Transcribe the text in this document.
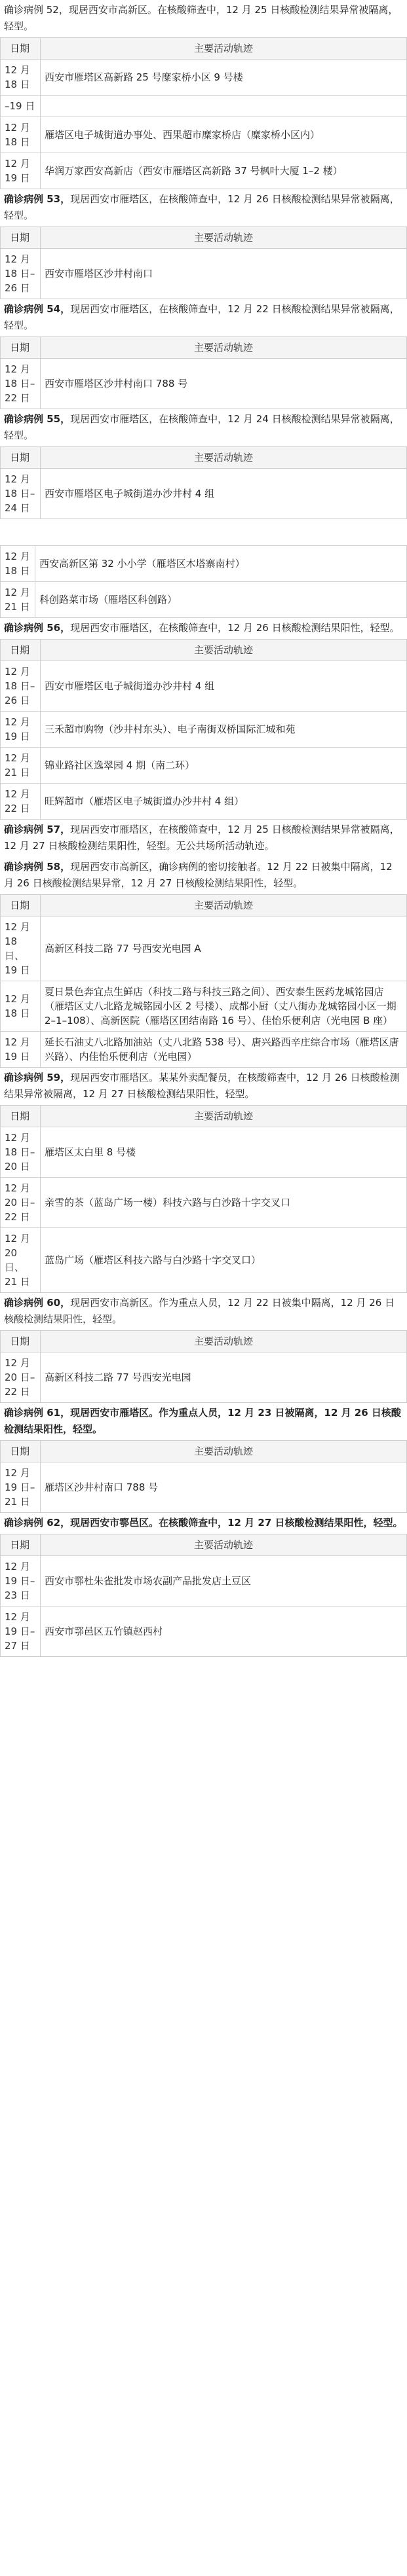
确诊病例 52，现居西安市高新区。在核酸筛查中，12 月 25 日核酸检测结果异常被隔离，轻型。

日期	主要活动轨迹
12 月 18 日	西安市雁塔区高新路 25 号糜家桥小区 9 号楼
–19 日	
12 月 18 日	雁塔区电子城街道办事处、西果超市糜家桥店（糜家桥小区内）
12 月 19 日	华润万家西安高新店（西安市雁塔区高新路 37 号枫叶大厦 1–2 楼）

确诊病例 53，现居西安市雁塔区，在核酸筛查中，12 月 26 日核酸检测结果异常被隔离，轻型。

日期	主要活动轨迹
12 月 18 日–26 日	西安市雁塔区沙井村南口

确诊病例 54，现居西安市雁塔区，在核酸筛查中，12 月 22 日核酸检测结果异常被隔离，轻型。

日期	主要活动轨迹
12 月 18 日–22 日	西安市雁塔区沙井村南口 788 号

确诊病例 55，现居西安市雁塔区，在核酸筛查中，12 月 24 日核酸检测结果异常被隔离，轻型。

日期	主要活动轨迹
12 月 18 日–24 日	西安市雁塔区电子城街道办沙井村 4 组
12 月 18 日	西安高新区第 32 小小学（雁塔区木塔寨南村）
12 月 21 日	科创路菜市场（雁塔区科创路）

确诊病例 56，现居西安市雁塔区，在核酸筛查中，12 月 26 日核酸检测结果阳性，轻型。

日期	主要活动轨迹
12 月 18 日–26 日	西安市雁塔区电子城街道办沙井村 4 组
12 月 19 日	三禾超市购物（沙井村东头）、电子南街双桥国际汇城和苑
12 月 21 日	锦业路社区逸翠园 4 期（南二环）
12 月 22 日	旺辉超市（雁塔区电子城街道办沙井村 4 组）

确诊病例 57，现居西安市雁塔区，在核酸筛查中，12 月 25 日核酸检测结果异常被隔离，12 月 27 日核酸检测结果阳性，轻型。无公共场所活动轨迹。

确诊病例 58，现居西安市高新区，确诊病例的密切接触者。12 月 22 日被集中隔离，12 月 26 日核酸检测结果异常，12 月 27 日核酸检测结果阳性，轻型。

日期	主要活动轨迹
12 月 18 日、19 日	高新区科技二路 77 号西安光电园 A
12 月 18 日	夏日景色奔宜点生鲜店（科技二路与科技三路之间）、西安泰生医药龙城铭园店（雁塔区丈八北路龙城铭园小区 2 号楼）、成都小厨（丈八街办龙城铭园小区一期 2–1–108）、高新医院（雁塔区团结南路 16 号）、佳怡乐便利店（光电园 B 座）
12 月 19 日	延长石油丈八北路加油站（丈八北路 538 号）、唐兴路西辛庄综合市场（雁塔区唐兴路）、内佳怡乐便利店（光电园）

确诊病例 59，现居西安市雁塔区。某某外卖配餐员，在核酸筛查中，12 月 26 日核酸检测结果异常被隔离，12 月 27 日核酸检测结果阳性，轻型。

日期	主要活动轨迹
12 月 18 日–20 日	雁塔区太白里 8 号楼
12 月 20 日–22 日	亲雪的茶（蓝岛广场一楼）科技六路与白沙路十字交叉口
12 月 20 日、21 日	蓝岛广场（雁塔区科技六路与白沙路十字交叉口）

确诊病例 60，现居西安市高新区。作为重点人员，12 月 22 日被集中隔离，12 月 26 日核酸检测结果阳性，轻型。

日期	主要活动轨迹
12 月 20 日–22 日	高新区科技二路 77 号西安光电园

确诊病例 61，现居西安市雁塔区。作为重点人员，12 月 23 日被隔离，12 月 26 日核酸检测结果阳性，轻型。

日期	主要活动轨迹
12 月 19 日–21 日	雁塔区沙井村南口 788 号

确诊病例 62，现居西安市鄠邑区。在核酸筛查中，12 月 27 日核酸检测结果阳性，轻型。

日期	主要活动轨迹
12 月 19 日–23 日	西安市鄠杜朱雀批发市场农副产品批发店土豆区
12 月 19 日–27 日	西安市鄠邑区五竹镇赵西村
